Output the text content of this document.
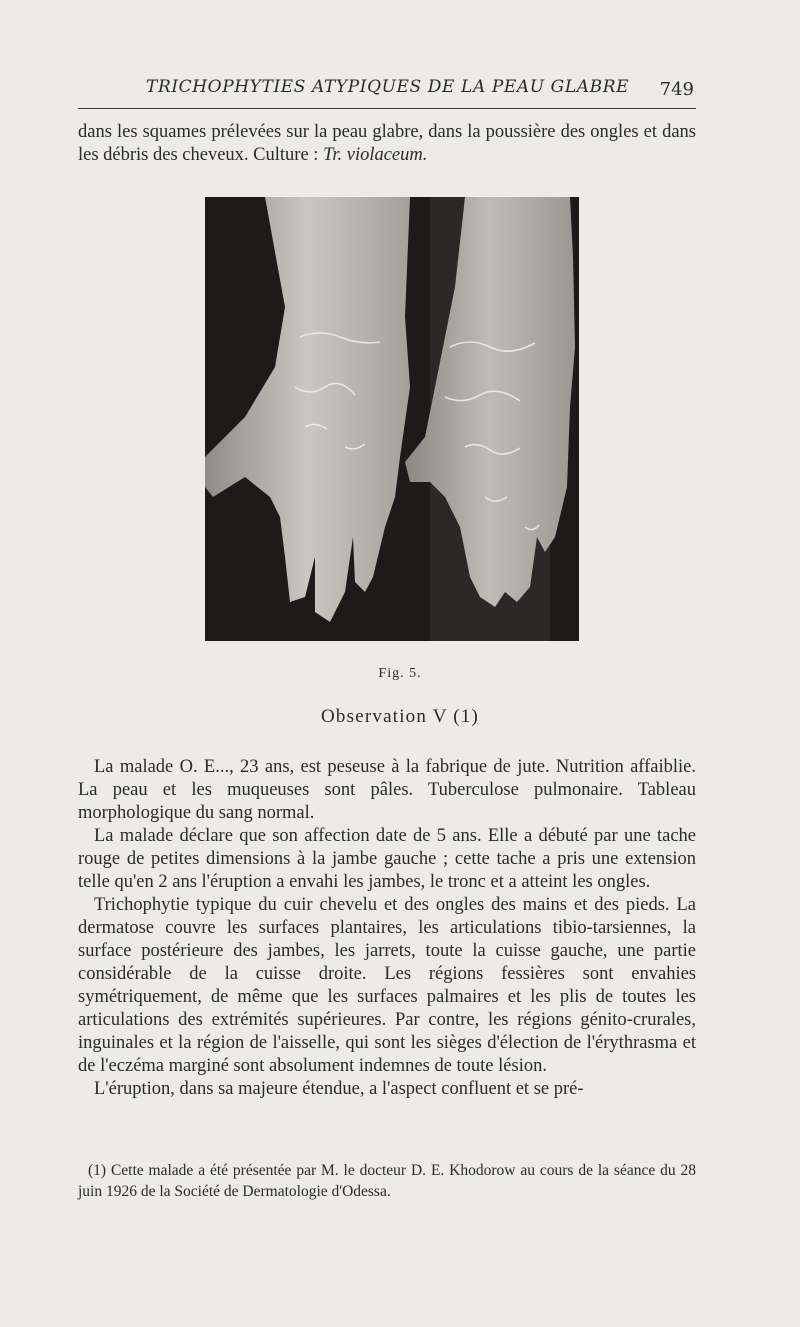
TRICHOPHYTIES ATYPIQUES DE LA PEAU GLABRE 749

dans les squames prélevées sur la peau glabre, dans la poussière des ongles et dans les débris des cheveux. Culture : Tr. violaceum.

Fig. 5.
Observation V (1)

La malade O. E..., 23 ans, est peseuse à la fabrique de jute. Nutrition affaiblie. La peau et les muqueuses sont pâles. Tuberculose pulmonaire. Tableau morphologique du sang normal.

La malade déclare que son affection date de 5 ans. Elle a débuté par une tache rouge de petites dimensions à la jambe gauche ; cette tache a pris une extension telle qu'en 2 ans l'éruption a envahi les jambes, le tronc et a atteint les ongles.

Trichophytie typique du cuir chevelu et des ongles des mains et des pieds. La dermatose couvre les surfaces plantaires, les articulations tibio-tarsiennes, la surface postérieure des jambes, les jarrets, toute la cuisse gauche, une partie considérable de la cuisse droite. Les régions fessières sont envahies symétriquement, de même que les surfaces palmaires et les plis de toutes les articulations des extrémités supérieures. Par contre, les régions génito-crurales, inguinales et la région de l'aisselle, qui sont les sièges d'élection de l'érythrasma et de l'eczéma marginé sont absolument indemnes de toute lésion.

L'éruption, dans sa majeure étendue, a l'aspect confluent et se pré-

(1) Cette malade a été présentée par M. le docteur D. E. Khodorow au cours de la séance du 28 juin 1926 de la Société de Dermatologie d'Odessa.
